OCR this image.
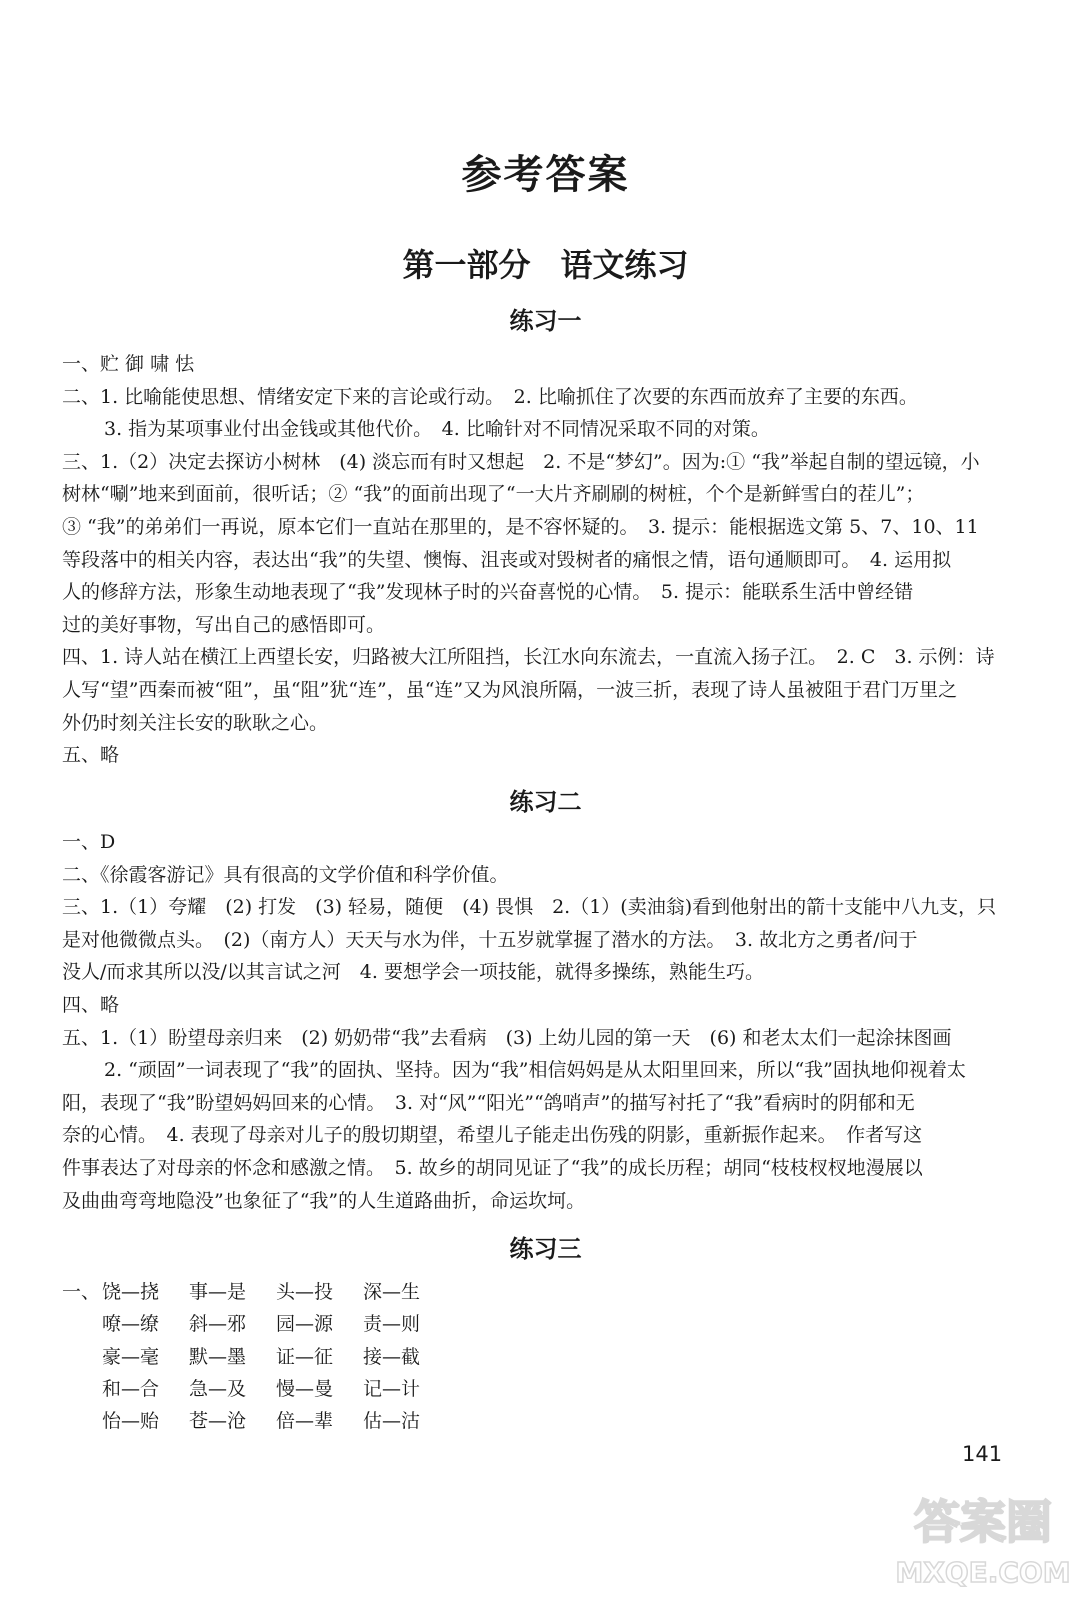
参考答案
第一部分 语文练习
练习一
一、贮 御 啸 怯
二、1. 比喻能使思想、情绪安定下来的言论或行动。　2. 比喻抓住了次要的东西而放弃了主要的东西。
3. 指为某项事业付出金钱或其他代价。　4. 比喻针对不同情况采取不同的对策。
三、1.（2）决定去探访小树林　(4) 淡忘而有时又想起　2. 不是“梦幻”。因为:① “我”举起自制的望远镜，小
树林“唰”地来到面前，很听话；② “我”的面前出现了“一大片齐刷刷的树桩，个个是新鲜雪白的茬儿”；
③ “我”的弟弟们一再说，原本它们一直站在那里的，是不容怀疑的。　3. 提示：能根据选文第 5、7、10、11
等段落中的相关内容，表达出“我”的失望、懊悔、沮丧或对毁树者的痛恨之情，语句通顺即可。　4. 运用拟
人的修辞方法，形象生动地表现了“我”发现林子时的兴奋喜悦的心情。　5. 提示：能联系生活中曾经错
过的美好事物，写出自己的感悟即可。
四、1. 诗人站在横江上西望长安，归路被大江所阻挡，长江水向东流去，一直流入扬子江。　2. C　3. 示例：诗
人写“望”西秦而被“阻”，虽“阻”犹“连”，虽“连”又为风浪所隔，一波三折，表现了诗人虽被阻于君门万里之
外仍时刻关注长安的耿耿之心。
五、略
练习二
一、D
二、《徐霞客游记》具有很高的文学价值和科学价值。
三、1.（1）夸耀　(2) 打发　(3) 轻易，随便　(4) 畏惧　2.（1）(卖油翁)看到他射出的箭十支能中八九支，只
是对他微微点头。　(2)（南方人）天天与水为伴，十五岁就掌握了潜水的方法。　3. 故北方之勇者/问于
没人/而求其所以没/以其言试之河　4. 要想学会一项技能，就得多操练，熟能生巧。
四、略
五、1.（1）盼望母亲归来　(2) 奶奶带“我”去看病　(3) 上幼儿园的第一天　(6) 和老太太们一起涂抹图画
2. “顽固”一词表现了“我”的固执、坚持。因为“我”相信妈妈是从太阳里回来，所以“我”固执地仰视着太
阳，表现了“我”盼望妈妈回来的心情。　3. 对“风”“阳光”“鸽哨声”的描写衬托了“我”看病时的阴郁和无
奈的心情。　4. 表现了母亲对儿子的殷切期望，希望儿子能走出伤残的阴影，重新振作起来。　作者写这
件事表达了对母亲的怀念和感激之情。　5. 故乡的胡同见证了“我”的成长历程；胡同“枝枝杈杈地漫展以
及曲曲弯弯地隐没”也象征了“我”的人生道路曲折，命运坎坷。
练习三
一、 饶—挠 事—是 头—投 深—生
嘹—缭 斜—邪 园—源 责—则
豪—毫 默—墨 证—征 接—截
和—合 急—及 慢—曼 记—计
怡—贻 苍—沧 倍—辈 估—沽
141
答案圈
MXQE.COM
